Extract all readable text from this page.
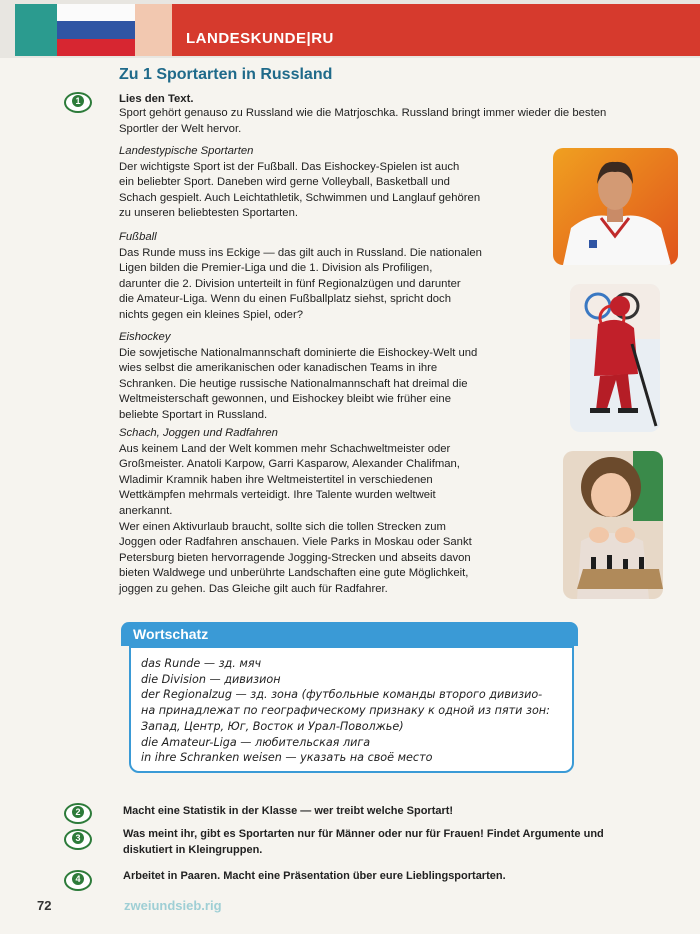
LANDESKUNDE|RU
Zu 1 Sportarten in Russland
1	Lies den Text.
Sport gehört genauso zu Russland wie die Matrjoschka. Russland bringt immer wieder die besten
Sportler der Welt hervor.
Landestypische Sportarten
Der wichtigste Sport ist der Fußball. Das Eishockey-Spielen ist auch
ein beliebter Sport. Daneben wird gerne Volleyball, Basketball und
Schach gespielt. Auch Leichtathletik, Schwimmen und Langlauf gehören
zu unseren beliebtesten Sportarten.
Fußball
Das Runde muss ins Eckige — das gilt auch in Russland. Die nationalen
Ligen bilden die Premier-Liga und die 1. Division als Profiligen,
darunter die 2. Division unterteilt in fünf Regionalzügen und darunter
die Amateur-Liga. Wenn du einen Fußballplatz siehst, spricht doch
nichts gegen ein kleines Spiel, oder?
Eishockey
Die sowjetische Nationalmannschaft dominierte die Eishockey-Welt und
wies selbst die amerikanischen oder kanadischen Teams in ihre
Schranken. Die heutige russische Nationalmannschaft hat dreimal die
Weltmeisterschaft gewonnen, und Eishockey bleibt wie früher eine
beliebte Sportart in Russland.
Schach, Joggen und Radfahren
Aus keinem Land der Welt kommen mehr Schachweltmeister oder
Großmeister. Anatoli Karpow, Garri Kasparow, Alexander Chalifman,
Wladimir Kramnik haben ihre Weltmeistertitel in verschiedenen
Wettkämpfen mehrmals verteidigt. Ihre Talente wurden weltweit
anerkannt.
Wer einen Aktivurlaub braucht, sollte sich die tollen Strecken zum
Joggen oder Radfahren anschauen. Viele Parks in Moskau oder Sankt
Petersburg bieten hervorragende Jogging-Strecken und abseits davon
bieten Waldwege und unberührte Landschaften eine gute Möglichkeit,
joggen zu gehen. Das Gleiche gilt auch für Radfahrer.
Wortschatz
das Runde — зд. мяч
die Division — дивизион
der Regionalzug — зд. зона (футбольные команды второго дивизио-
на принадлежат по географическому признаку к одной из пяти зон:
Запад, Центр, Юг, Восток и Урал-Поволжье)
die Amateur-Liga — любительская лига
in ihre Schranken weisen — указать на своё место
2	Macht eine Statistik in der Klasse — wer treibt welche Sportart!
3	Was meint ihr, gibt es Sportarten nur für Männer oder nur für Frauen! Findet Argumente und
diskutiert in Kleingruppen.
4	Arbeitet in Paaren. Macht eine Präsentation über eure Lieblingsportarten.
72	zweiundsieb.rig
